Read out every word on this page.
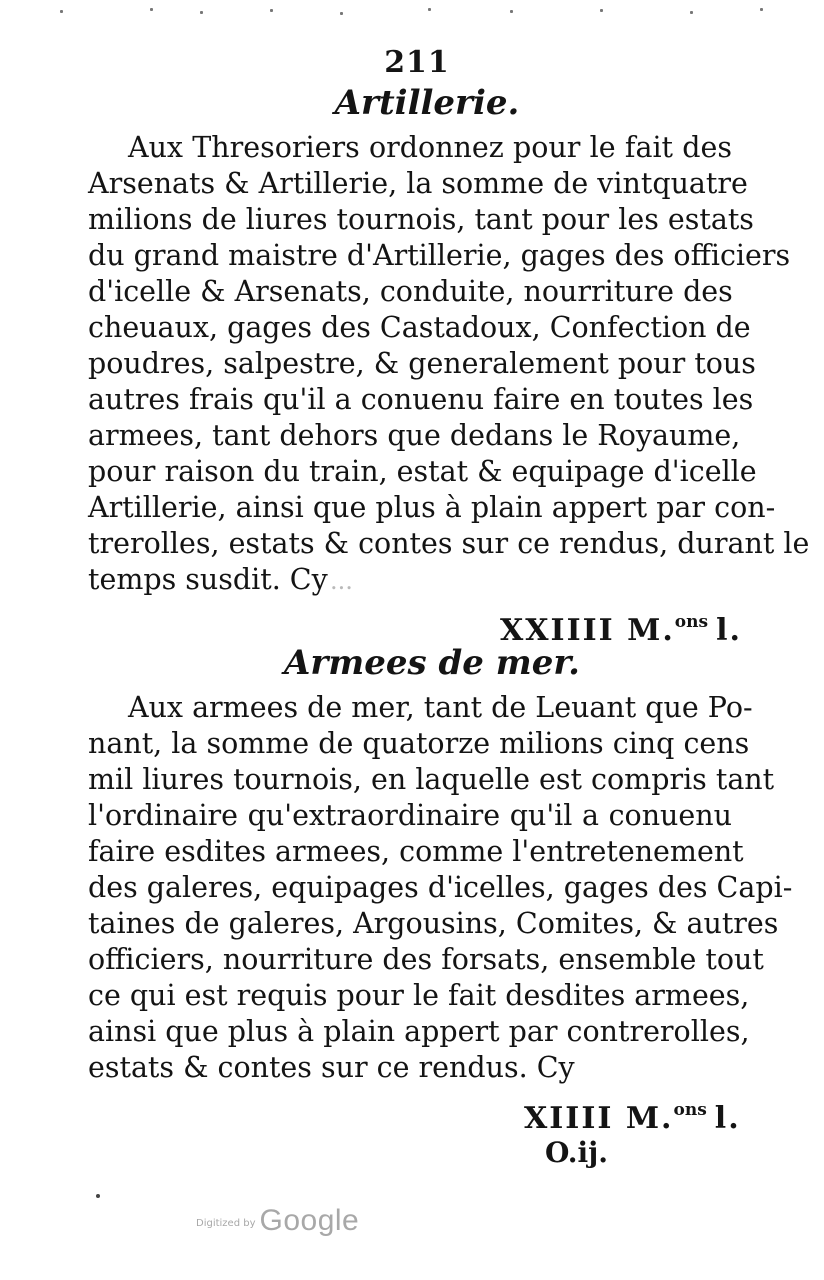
211
Artillerie.
Aux Thresoriers ordonnez pour le fait des
Arsenats & Artillerie, la somme de vintquatre
milions de liures tournois, tant pour les estats
du grand maistre d'Artillerie, gages des officiers
d'icelle & Arsenats, conduite, nourriture des
cheuaux, gages des Castadoux, Confection de
poudres, salpestre, & generalement pour tous
autres frais qu'il a conuenu faire en toutes les
armees, tant dehors que dedans le Royaume,
pour raison du train, estat & equipage d'icelle
Artillerie, ainsi que plus à plain appert par con-
trerolles, estats & contes sur ce rendus, durant le
temps susdit. Cy ...
XXIIII M.$^{ons}$ l.
Armees de mer.
Aux armees de mer, tant de Leuant que Po-
nant, la somme de quatorze milions cinq cens
mil liures tournois, en laquelle est compris tant
l'ordinaire qu'extraordinaire qu'il a conuenu
faire esdites armees, comme l'entretenement
des galeres, equipages d'icelles, gages des Capi-
taines de galeres, Argousins, Comites, & autres
officiers, nourriture des forsats, ensemble tout
ce qui est requis pour le fait desdites armees,
ainsi que plus à plain appert par contrerolles,
estats & contes sur ce rendus. Cy
XIIII M.$^{ons}$ l.
O.ij.
$^{Digitized by}$ Google
